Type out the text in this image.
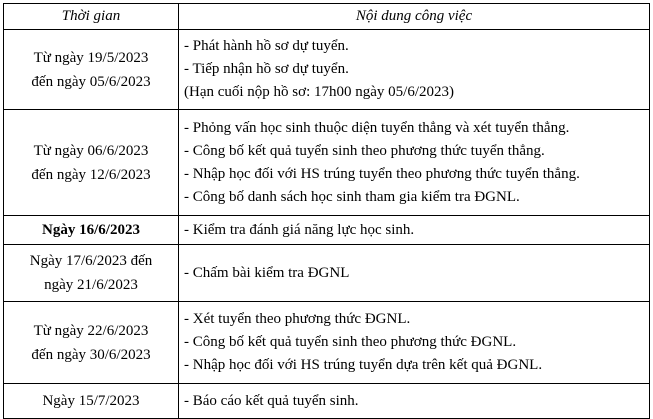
Thời gian	Nội dung công việc
Từ ngày 19/5/2023
đến ngày 05/6/2023	- Phát hành hồ sơ dự tuyển.
- Tiếp nhận hồ sơ dự tuyển.
(Hạn cuối nộp hồ sơ: 17h00 ngày 05/6/2023)

Từ ngày 06/6/2023
đến ngày 12/6/2023	- Phỏng vấn học sinh thuộc diện tuyển thẳng và xét tuyển thẳng.
- Công bố kết quả tuyển sinh theo phương thức tuyển thẳng.
- Nhập học đối với HS trúng tuyển theo phương thức tuyển thẳng.
- Công bố danh sách học sinh tham gia kiểm tra ĐGNL.

Ngày 16/6/2023	- Kiểm tra đánh giá năng lực học sinh.

Ngày 17/6/2023 đến
ngày 21/6/2023	- Chấm bài kiểm tra ĐGNL

Từ ngày 22/6/2023
đến ngày 30/6/2023	- Xét tuyển theo phương thức ĐGNL.
- Công bố kết quả tuyển sinh theo phương thức ĐGNL.
- Nhập học đối với HS trúng tuyển dựa trên kết quả ĐGNL.

Ngày 15/7/2023	- Báo cáo kết quả tuyển sinh.
